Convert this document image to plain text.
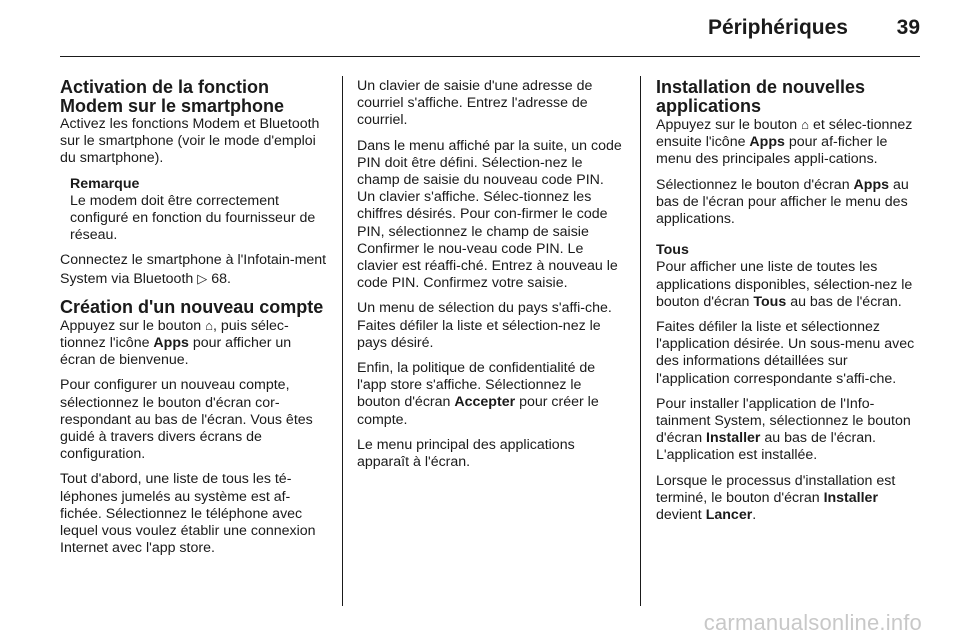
Périphériques 39
Activation de la fonction Modem sur le smartphone

Activez les fonctions Modem et Bluetooth sur le smartphone (voir le mode d'emploi du smartphone).

Remarque
Le modem doit être correctement configuré en fonction du fournisseur de réseau.

Connectez le smartphone à l'Infotain-ment System via Bluetooth ▷ 68.

Création d'un nouveau compte

Appuyez sur le bouton ⌂, puis sélec-tionnez l'icône Apps pour afficher un écran de bienvenue.

Pour configurer un nouveau compte, sélectionnez le bouton d'écran cor-respondant au bas de l'écran. Vous êtes guidé à travers divers écrans de configuration.

Tout d'abord, une liste de tous les té-léphones jumelés au système est af-fichée. Sélectionnez le téléphone avec lequel vous voulez établir une connexion Internet avec l'app store.

Un clavier de saisie d'une adresse de courriel s'affiche. Entrez l'adresse de courriel.

Dans le menu affiché par la suite, un code PIN doit être défini. Sélection-nez le champ de saisie du nouveau code PIN. Un clavier s'affiche. Sélec-tionnez les chiffres désirés. Pour con-firmer le code PIN, sélectionnez le champ de saisie Confirmer le nou-veau code PIN. Le clavier est réaffi-ché. Entrez à nouveau le code PIN. Confirmez votre saisie.

Un menu de sélection du pays s'affi-che. Faites défiler la liste et sélection-nez le pays désiré.

Enfin, la politique de confidentialité de l'app store s'affiche. Sélectionnez le bouton d'écran Accepter pour créer le compte.

Le menu principal des applications apparaît à l'écran.

Installation de nouvelles applications

Appuyez sur le bouton ⌂ et sélec-tionnez ensuite l'icône Apps pour af-ficher le menu des principales appli-cations.

Sélectionnez le bouton d'écran Apps au bas de l'écran pour afficher le menu des applications.

Tous

Pour afficher une liste de toutes les applications disponibles, sélection-nez le bouton d'écran Tous au bas de l'écran.

Faites défiler la liste et sélectionnez l'application désirée. Un sous-menu avec des informations détaillées sur l'application correspondante s'affi-che.

Pour installer l'application de l'Info-tainment System, sélectionnez le bouton d'écran Installer au bas de l'écran. L'application est installée.

Lorsque le processus d'installation est terminé, le bouton d'écran Installer devient Lancer.

carmanualsonline.info
